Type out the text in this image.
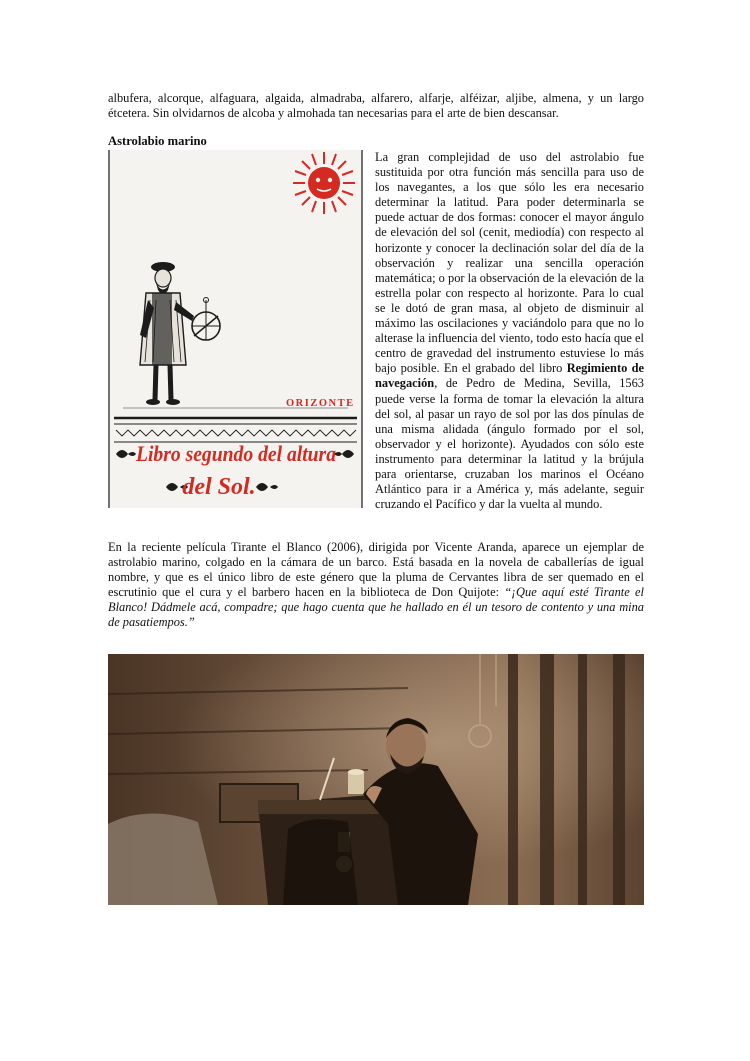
albufera, alcorque, alfaguara, algaida, almadraba, alfarero, alfarje, alféizar, aljibe, almena, y un largo étcetera. Sin olvidarnos de alcoba y almohada tan necesarias para el arte de bien descansar.

Astrolabio marino

ORIZONTE
Libro segundo del altura
del Sol.

La gran complejidad de uso del astrolabio fue sustituida por otra función más sencilla para uso de los navegantes, a los que sólo les era necesario determinar la latitud. Para poder determinarla se puede actuar de dos formas: conocer el mayor ángulo de elevación del sol (cenit, mediodía) con respecto al horizonte y conocer la declinación solar del día de la observación y realizar una sencilla operación matemática; o por la observación de la elevación de la estrella polar con respecto al horizonte. Para lo cual se le dotó de gran masa, al objeto de disminuir al máximo las oscilaciones y vaciándolo para que no lo alterase la influencia del viento, todo esto hacía que el centro de gravedad del instrumento estuviese lo más bajo posible. En el grabado del libro Regimiento de navegación, de Pedro de Medina, Sevilla, 1563 puede verse la forma de tomar la elevación la altura del sol, al pasar un rayo de sol por las dos pínulas de una misma alidada (ángulo formado por el sol, observador y el horizonte). Ayudados con sólo este instrumento para determinar la latitud y la brújula para orientarse, cruzaban los marinos el Océano Atlántico para ir a América y, más adelante, seguir cruzando el Pacífico y dar la vuelta al mundo.

En la reciente película Tirante el Blanco (2006), dirigida por Vicente Aranda, aparece un ejemplar de astrolabio marino, colgado en la cámara de un barco. Está basada en la novela de caballerías de igual nombre, y que es el único libro de este género que la pluma de Cervantes libra de ser quemado en el escrutinio que el cura y el barbero hacen en la biblioteca de Don Quijote: “¡Que aquí esté Tirante el Blanco! Dádmele acá, compadre; que hago cuenta que he hallado en él un tesoro de contento y una mina de pasatiempos.”
